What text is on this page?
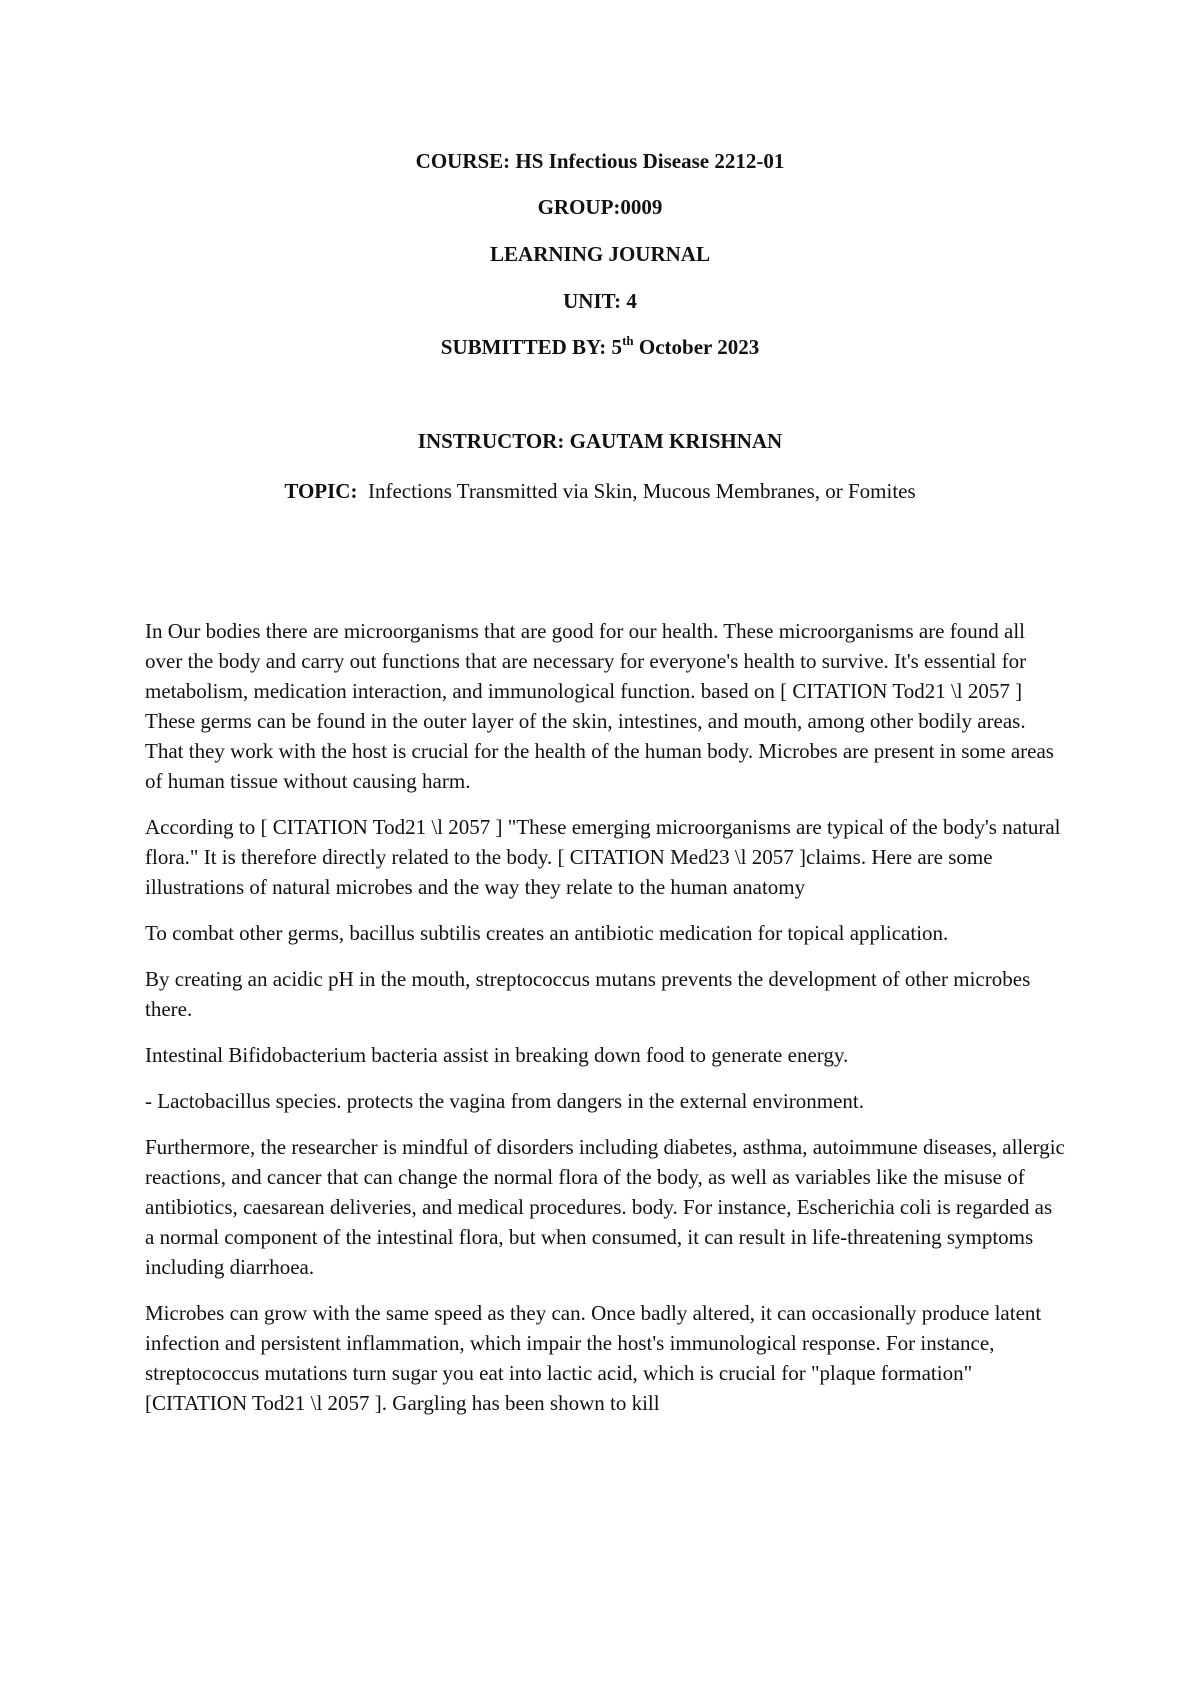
COURSE: HS Infectious Disease 2212-01
GROUP:0009
LEARNING JOURNAL
UNIT: 4
SUBMITTED BY: 5th October 2023
INSTRUCTOR: GAUTAM KRISHNAN
TOPIC: Infections Transmitted via Skin, Mucous Membranes, or Fomites

In Our bodies there are microorganisms that are good for our health. These microorganisms are found all over the body and carry out functions that are necessary for everyone's health to survive. It's essential for metabolism, medication interaction, and immunological function. based on [ CITATION Tod21 \l 2057 ] These germs can be found in the outer layer of the skin, intestines, and mouth, among other bodily areas. That they work with the host is crucial for the health of the human body. Microbes are present in some areas of human tissue without causing harm.

According to [ CITATION Tod21 \l 2057 ] "These emerging microorganisms are typical of the body's natural flora." It is therefore directly related to the body. [ CITATION Med23 \l 2057 ]claims. Here are some illustrations of natural microbes and the way they relate to the human anatomy

To combat other germs, bacillus subtilis creates an antibiotic medication for topical application.

By creating an acidic pH in the mouth, streptococcus mutans prevents the development of other microbes there.

Intestinal Bifidobacterium bacteria assist in breaking down food to generate energy.

- Lactobacillus species. protects the vagina from dangers in the external environment.

Furthermore, the researcher is mindful of disorders including diabetes, asthma, autoimmune diseases, allergic reactions, and cancer that can change the normal flora of the body, as well as variables like the misuse of antibiotics, caesarean deliveries, and medical procedures. body. For instance, Escherichia coli is regarded as a normal component of the intestinal flora, but when consumed, it can result in life-threatening symptoms including diarrhoea.

Microbes can grow with the same speed as they can. Once badly altered, it can occasionally produce latent infection and persistent inflammation, which impair the host's immunological response. For instance, streptococcus mutations turn sugar you eat into lactic acid, which is crucial for "plaque formation" [CITATION Tod21 \l 2057 ]. Gargling has been shown to kill
